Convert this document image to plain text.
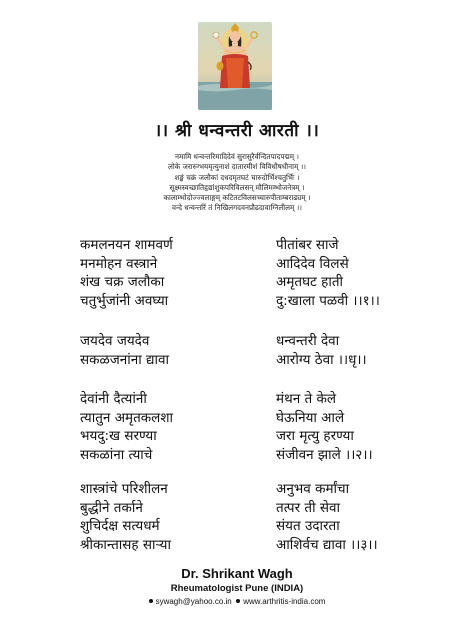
।। श्री धन्वन्तरी आरती ।।
नमामि धन्वन्तरिमादिदेवं सुरासुरैर्वन्दितपादपद्मम् ।
लोके जरारुग्भयमृत्युनाशं दातारमीशं विविधौषधीनाम् ।।
शङ्खं चक्रं जलौकां दधदमृतघटं चारुदोर्भिश्चतुर्भिः ।
सूक्ष्मस्वच्छातिहृद्यांशुकपरिविलसन् मौलिमम्भोजनेत्रम् ।
कालाम्भोदोज्ज्वलाङ्गम् कटितटविलसच्चारुपीताम्बराढ्यम् ।
वन्दे धन्वन्तरिं तं निखिलगदवनप्रौढदावाग्निलीलम् ।।
कमलनयन शामवर्ण	पीतांबर साजे
मनमोहन वस्त्राने	आदिदेव विलसे
शंख चक्र जलौका	अमृतघट हाती
चतुर्भुजांनी अवघ्या	दु:खाला पळवी ।।१।।
जयदेव जयदेव	धन्वन्तरी देवा
सकळजनांना द्यावा	आरोग्य ठेवा ।।धृ।।
देवांनी दैत्यांनी	मंथन ते केले
त्यातुन अमृतकलशा	घेऊनिया आले
भयदु:ख सरण्या	जरा मृत्यु हरण्या
सकळांना त्याचे	संजीवन झाले ।।२।।
शास्त्रांचे परिशीलन	अनुभव कर्मांचा
बुद्धीने तर्काने	तत्पर ती सेवा
शुचिर्दक्ष सत्यधर्म	संयत उदारता
श्रीकान्तासह साऱ्या	आशिर्वच द्यावा ।।३।।
Dr. Shrikant Wagh
Rheumatologist Pune (INDIA)
sywagh@yahoo.co.in www.arthritis-india.com
